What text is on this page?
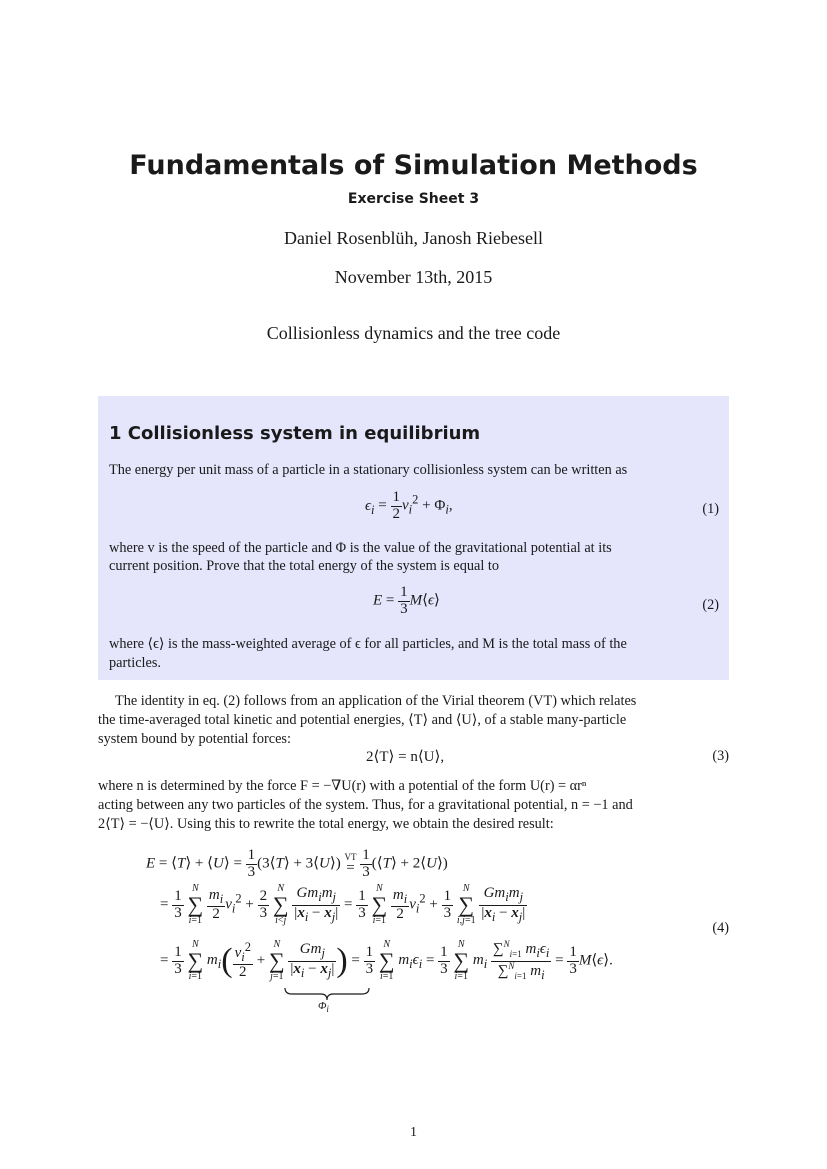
Fundamentals of Simulation Methods
Exercise Sheet 3
Daniel Rosenblüh, Janosh Riebesell
November 13th, 2015
Collisionless dynamics and the tree code
1 Collisionless system in equilibrium
The energy per unit mass of a particle in a stationary collisionless system can be written as
$\epsilon_i = \frac{1}{2} v_i^2 + \Phi_i$,	(1)
where v is the speed of the particle and Φ is the value of the gravitational potential at its
current position. Prove that the total energy of the system is equal to
$E = \frac{1}{3}$ M⟨ϵ⟩	(2)
where ⟨ϵ⟩ is the mass-weighted average of ϵ for all particles, and M is the total mass of the
particles.
The identity in eq. (2) follows from an application of the Virial theorem (VT) which relates
the time-averaged total kinetic and potential energies, ⟨T⟩ and ⟨U⟩, of a stable many-particle
system bound by potential forces:
2⟨T⟩ = n⟨U⟩,	(3)
where n is determined by the force F = −∇U(r) with a potential of the form U(r) = αrⁿ
acting between any two particles of the system. Thus, for a gravitational potential, n = −1 and
2⟨T⟩ = −⟨U⟩. Using this to rewrite the total energy, we obtain the desired result:
E = ⟨T⟩ + ⟨U⟩ = $\frac{1}{3}$ (3⟨T⟩ + 3⟨U⟩) VT
= $\frac{1}{3}$ (⟨T⟩ + 2⟨U⟩)
= $\frac{1}{3}$

N
∑
i=1
$\frac{m_i}{2} v_i^2 + \frac{2}{3}$

N
∑
i<j
$\frac{Gm_im_j}{|x_i - x_j|} = \frac{1}{3}$

N
∑
i=1
$\frac{m_i}{2} v_i^2 + \frac{1}{3}$

N
∑
i,j=1
$\frac{Gm_im_j}{|x_i - x_j|}$
(4)
= $\frac{1}{3}$

N
∑
i=1
$m_i( \frac{v_i^2}{2}$ +
N
∑
j=1
$\frac{Gm_j}{|x_i - x_j|}$ ) = $\frac{1}{3}$

N
∑
i=1
$m_i\epsilon_i = \frac{1}{3}$

N
∑
i=1
$m_i \frac{\sum^N_{i=1} m_i\epsilon_i}{\sum^N_{i=1} m_i} = \frac{1}{3}$ M⟨ϵ⟩.
$\Phi_i$
1
